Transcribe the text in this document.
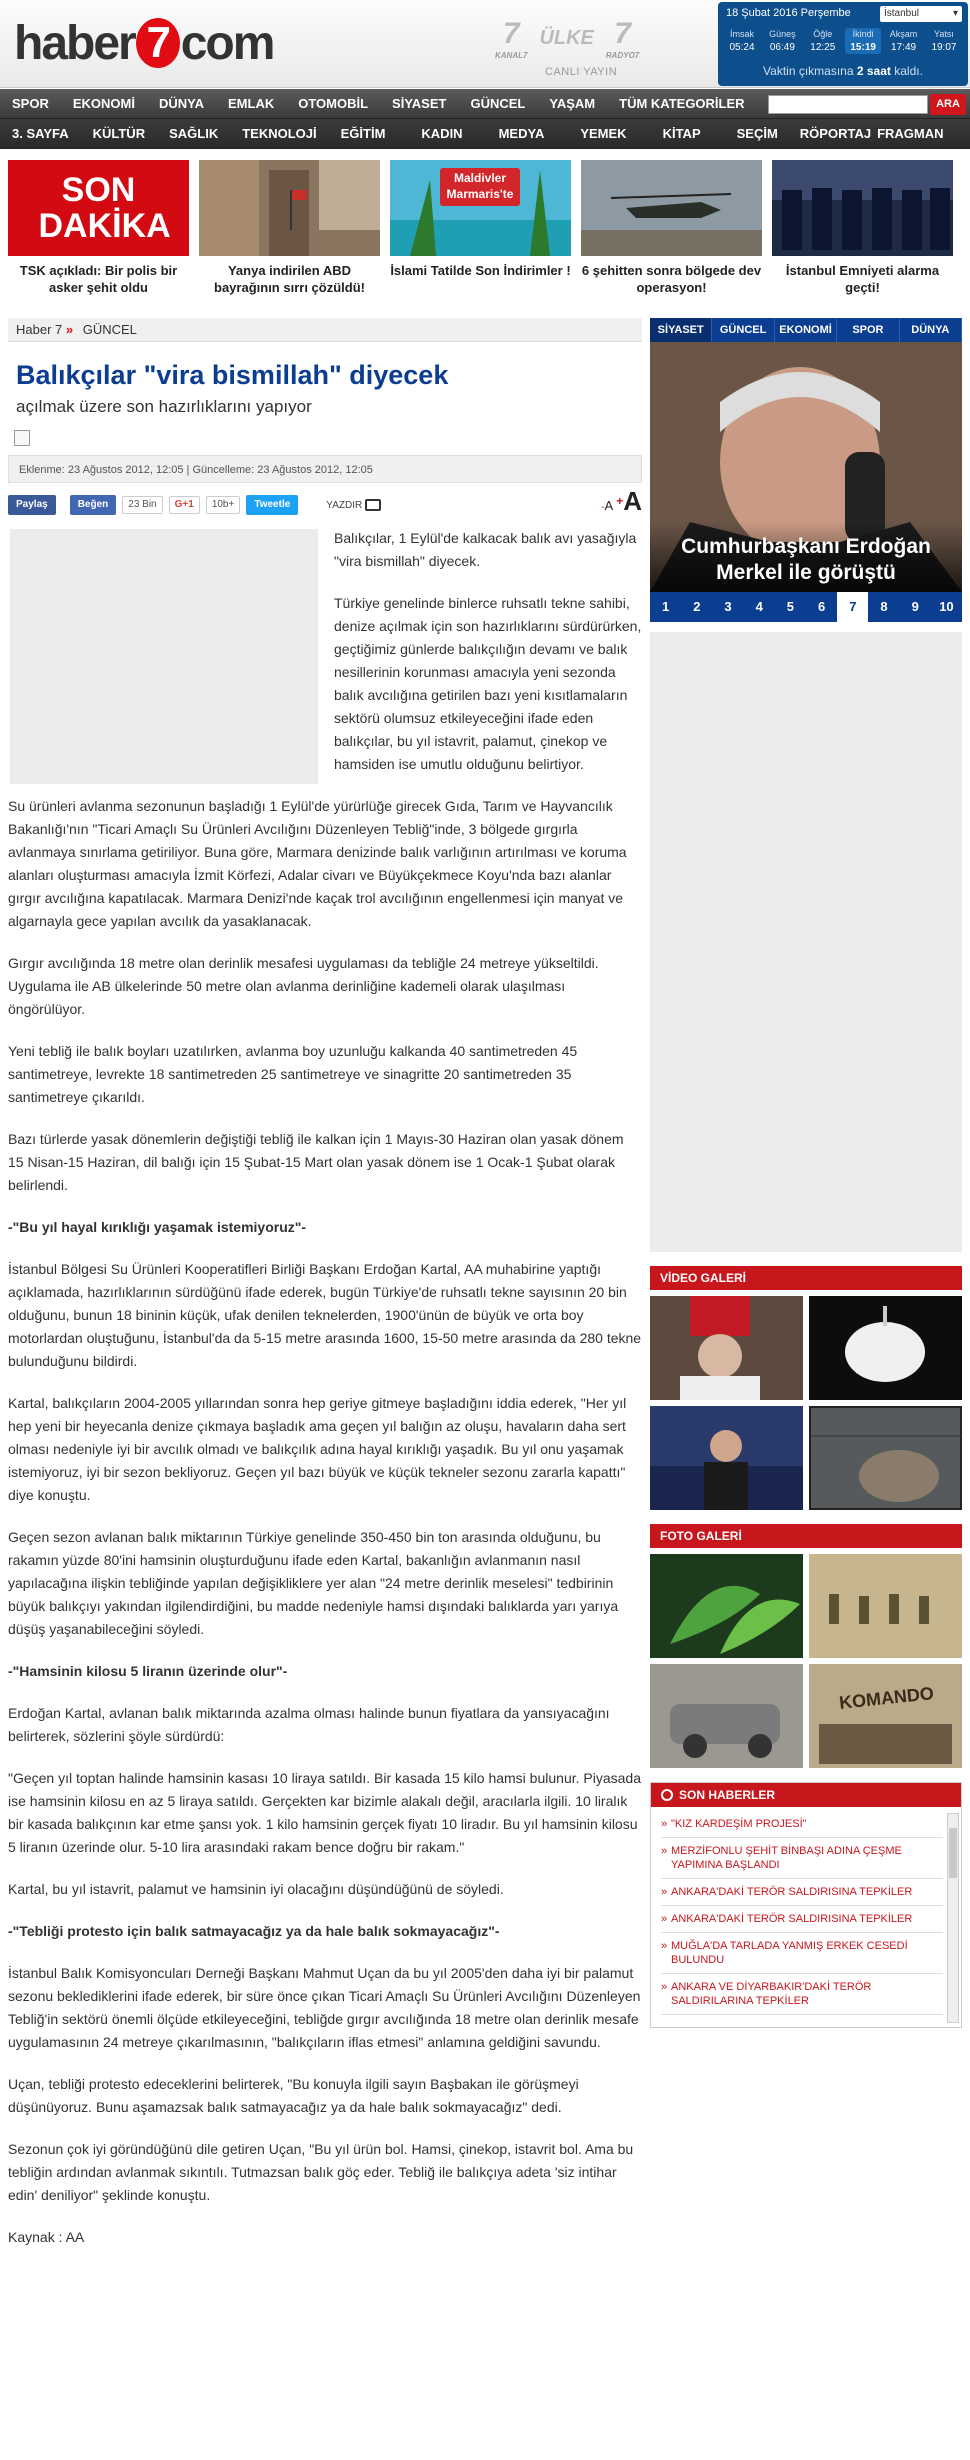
haber 7 com	7
KANAL7
ÜLKE 7
RADYO7
CANLI YAYIN
18 Şubat 2016 Perşembe	İstanbul	▾
İmsak
05:24
Güneş
06:49
Öğle
12:25
İkindi
15:19
Akşam
17:49
Yatsı
19:07
Vaktin çıkmasına 2 saat kaldı.
SPOR	EKONOMİ	DÜNYA	EMLAK	OTOMOBİL	SİYASET	GÜNCEL	YAŞAM	TÜM KATEGORİLER	ARA
3. SAYFA	KÜLTÜR	SAĞLIK	TEKNOLOJİ	EĞİTİM	KADIN	MEDYA	YEMEK	KİTAP	SEÇİM	RÖPORTAJ FRAGMAN
SON DAKİKA
TSK açıkladı: Bir polis bir asker şehit oldu
Yanya indirilen ABD bayrağının sırrı çözüldü!
Maldivler Marmaris'te
İslami Tatilde Son İndirimler ! 6 şehitten sonra bölgede dev operasyon!
İstanbul Emniyeti alarma geçti!
Haber 7 » GÜNCEL
Balıkçılar "vira bismillah" diyecek
açılmak üzere son hazırlıklarını yapıyor
Eklenme: 23 Ağustos 2012, 12:05 | Güncelleme: 23 Ağustos 2012, 12:05
Paylaş	Beğen	23 Bin	G+1	10b+	Tweetle	YAZDIR	-A +A

Balıkçılar, 1 Eylül'de kalkacak balık avı yasağıyla "vira bismillah" diyecek.

Türkiye genelinde binlerce ruhsatlı tekne sahibi, denize açılmak için son hazırlıklarını sürdürürken, geçtiğimiz günlerde balıkçılığın devamı ve balık nesillerinin korunması amacıyla yeni sezonda balık avcılığına getirilen bazı yeni kısıtlamaların sektörü olumsuz etkileyeceğini ifade eden balıkçılar, bu yıl istavrit, palamut, çinekop ve hamsiden ise umutlu olduğunu belirtiyor.

Su ürünleri avlanma sezonunun başladığı 1 Eylül'de yürürlüğe girecek Gıda, Tarım ve Hayvancılık Bakanlığı'nın "Ticari Amaçlı Su Ürünleri Avcılığını Düzenleyen Tebliğ"inde, 3 bölgede gırgırla avlanmaya sınırlama getiriliyor. Buna göre, Marmara denizinde balık varlığının artırılması ve koruma alanları oluşturması amacıyla İzmit Körfezi, Adalar civarı ve Büyükçekmece Koyu'nda bazı alanlar gırgır avcılığına kapatılacak. Marmara Denizi'nde kaçak trol avcılığının engellenmesi için manyat ve algarnayla gece yapılan avcılık da yasaklanacak.

Gırgır avcılığında 18 metre olan derinlik mesafesi uygulaması da tebliğle 24 metreye yükseltildi. Uygulama ile AB ülkelerinde 50 metre olan avlanma derinliğine kademeli olarak ulaşılması öngörülüyor.

Yeni tebliğ ile balık boyları uzatılırken, avlanma boy uzunluğu kalkanda 40 santimetreden 45 santimetreye, levrekte 18 santimetreden 25 santimetreye ve sinagritte 20 santimetreden 35 santimetreye çıkarıldı.

Bazı türlerde yasak dönemlerin değiştiği tebliğ ile kalkan için 1 Mayıs-30 Haziran olan yasak dönem 15 Nisan-15 Haziran, dil balığı için 15 Şubat-15 Mart olan yasak dönem ise 1 Ocak-1 Şubat olarak belirlendi.

-"Bu yıl hayal kırıklığı yaşamak istemiyoruz"-

İstanbul Bölgesi Su Ürünleri Kooperatifleri Birliği Başkanı Erdoğan Kartal, AA muhabirine yaptığı açıklamada, hazırlıklarının sürdüğünü ifade ederek, bugün Türkiye'de ruhsatlı tekne sayısının 20 bin olduğunu, bunun 18 bininin küçük, ufak denilen teknelerden, 1900'ünün de büyük ve orta boy motorlardan oluştuğunu, İstanbul'da da 5-15 metre arasında 1600, 15-50 metre arasında da 280 tekne bulunduğunu bildirdi.

Kartal, balıkçıların 2004-2005 yıllarından sonra hep geriye gitmeye başladığını iddia ederek, "Her yıl hep yeni bir heyecanla denize çıkmaya başladık ama geçen yıl balığın az oluşu, havaların daha sert olması nedeniyle iyi bir avcılık olmadı ve balıkçılık adına hayal kırıklığı yaşadık. Bu yıl onu yaşamak istemiyoruz, iyi bir sezon bekliyoruz. Geçen yıl bazı büyük ve küçük tekneler sezonu zararla kapattı" diye konuştu.

Geçen sezon avlanan balık miktarının Türkiye genelinde 350-450 bin ton arasında olduğunu, bu rakamın yüzde 80'ini hamsinin oluşturduğunu ifade eden Kartal, bakanlığın avlanmanın nasıl yapılacağına ilişkin tebliğinde yapılan değişikliklere yer alan "24 metre derinlik meselesi" tedbirinin büyük balıkçıyı yakından ilgilendirdiğini, bu madde nedeniyle hamsi dışındaki balıklarda yarı yarıya düşüş yaşanabileceğini söyledi.

-"Hamsinin kilosu 5 liranın üzerinde olur"-

Erdoğan Kartal, avlanan balık miktarında azalma olması halinde bunun fiyatlara da yansıyacağını belirterek, sözlerini şöyle sürdürdü:

"Geçen yıl toptan halinde hamsinin kasası 10 liraya satıldı. Bir kasada 15 kilo hamsi bulunur. Piyasada ise hamsinin kilosu en az 5 liraya satıldı. Gerçekten kar bizimle alakalı değil, aracılarla ilgili. 10 liralık bir kasada balıkçının kar etme şansı yok. 1 kilo hamsinin gerçek fiyatı 10 liradır. Bu yıl hamsinin kilosu 5 liranın üzerinde olur. 5-10 lira arasındaki rakam bence doğru bir rakam."

Kartal, bu yıl istavrit, palamut ve hamsinin iyi olacağını düşündüğünü de söyledi.

-"Tebliği protesto için balık satmayacağız ya da hale balık sokmayacağız"-

İstanbul Balık Komisyoncuları Derneği Başkanı Mahmut Uçan da bu yıl 2005'den daha iyi bir palamut sezonu beklediklerini ifade ederek, bir süre önce çıkan Ticari Amaçlı Su Ürünleri Avcılığını Düzenleyen Tebliğ'in sektörü önemli ölçüde etkileyeceğini, tebliğde gırgır avcılığında 18 metre olan derinlik mesafe uygulamasının 24 metreye çıkarılmasının, "balıkçıların iflas etmesi" anlamına geldiğini savundu.

Uçan, tebliği protesto edeceklerini belirterek, "Bu konuyla ilgili sayın Başbakan ile görüşmeyi düşünüyoruz. Bunu aşamazsak balık satmayacağız ya da hale balık sokmayacağız" dedi.

Sezonun çok iyi göründüğünü dile getiren Uçan, "Bu yıl ürün bol. Hamsi, çinekop, istavrit bol. Ama bu tebliğin ardından avlanmak sıkıntılı. Tutmazsan balık göç eder. Tebliğ ile balıkçıya adeta 'siz intihar edin' deniliyor" şeklinde konuştu.

Kaynak : AA

SİYASET	GÜNCEL	EKONOMİ	SPOR	DÜNYA
Cumhurbaşkanı Erdoğan Merkel ile görüştü
1	2	3	4	5	6	7	8	9	10
VİDEO GALERİ
FOTO GALERİ
KOMANDO
SON HABERLER
» "KIZ KARDEŞİM PROJESİ"
» MERZİFONLU ŞEHİT BİNBAŞI ADINA ÇEŞME YAPIMINA BAŞLANDI
» ANKARA'DAKİ TERÖR SALDIRISINA TEPKİLER
» ANKARA'DAKİ TERÖR SALDIRISINA TEPKİLER
» MUĞLA'DA TARLADA YANMIŞ ERKEK CESEDİ BULUNDU
» ANKARA VE DİYARBAKIR'DAKİ TERÖR SALDIRILARINA TEPKİLER
